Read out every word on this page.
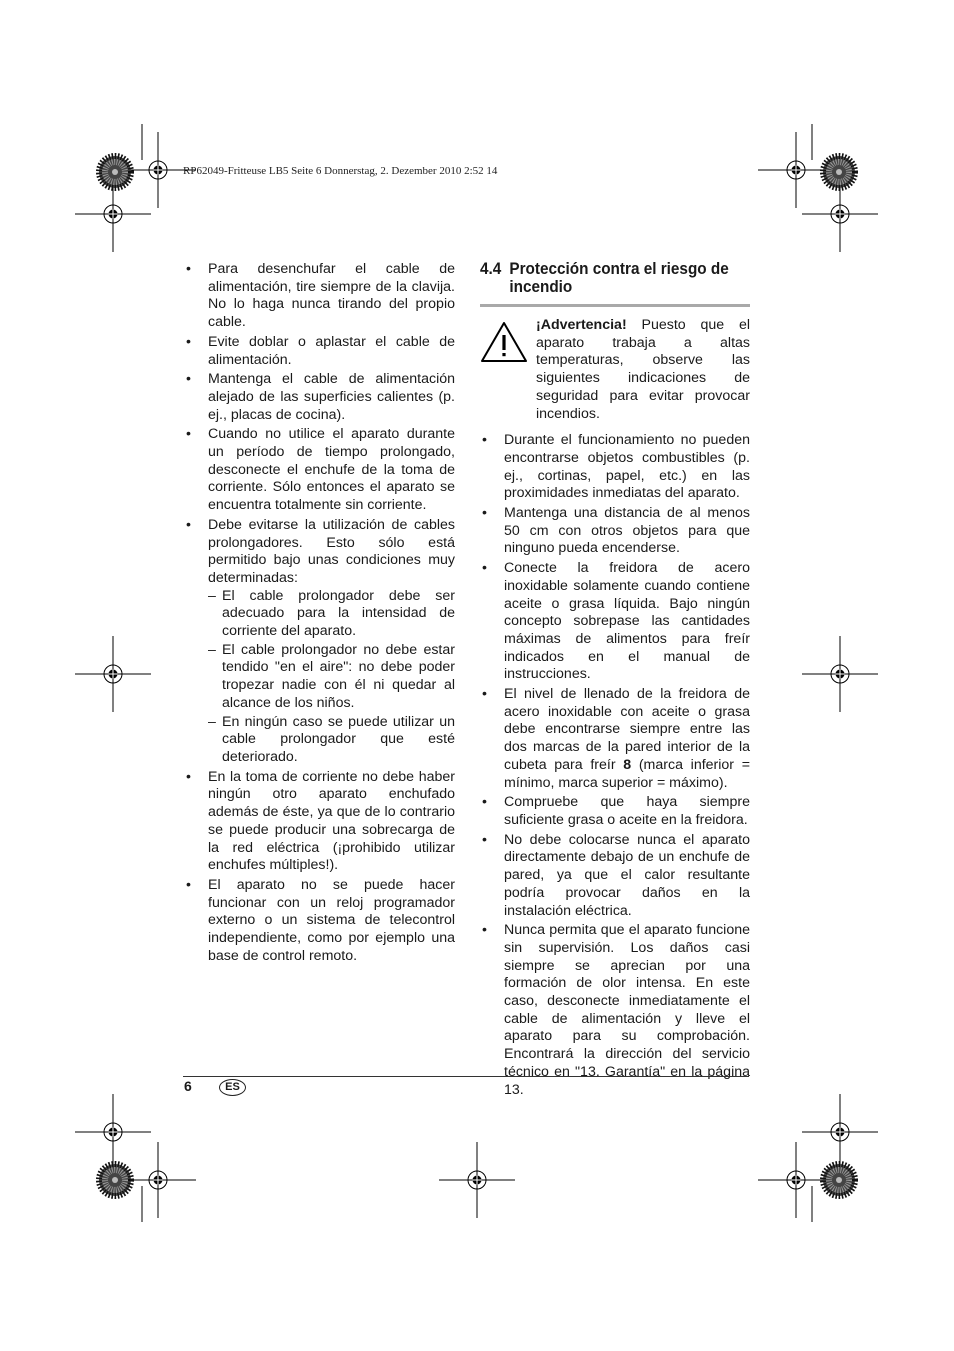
RP62049-Fritteuse LB5 Seite 6 Donnerstag, 2. Dezember 2010 2:52 14
• Para desenchufar el cable de alimentación, tire siempre de la clavija. No lo haga nunca tirando del propio cable.
• Evite doblar o aplastar el cable de alimentación.
• Mantenga el cable de alimentación alejado de las superficies calientes (p. ej., placas de cocina).
• Cuando no utilice el aparato durante un período de tiempo prolongado, desconecte el enchufe de la toma de corriente. Sólo entonces el aparato se encuentra totalmente sin corriente.
• Debe evitarse la utilización de cables prolongadores. Esto sólo está permitido bajo unas condiciones muy determinadas:
– El cable prolongador debe ser adecuado para la intensidad de corriente del aparato.
– El cable prolongador no debe estar tendido "en el aire": no debe poder tropezar nadie con él ni quedar al alcance de los niños.
– En ningún caso se puede utilizar un cable prolongador que esté deteriorado.
• En la toma de corriente no debe haber ningún otro aparato enchufado además de éste, ya que de lo contrario se puede producir una sobrecarga de la red eléctrica (¡prohibido utilizar enchufes múltiples!).
• El aparato no se puede hacer funcionar con un reloj programador externo o un sistema de telecontrol independiente, como por ejemplo una base de control remoto.
4.4 Protección contra el riesgo de incendio
¡Advertencia! Puesto que el aparato trabaja a altas temperaturas, observe las siguientes indicaciones de seguridad para evitar provocar incendios.
• Durante el funcionamiento no pueden encontrarse objetos combustibles (p. ej., cortinas, papel, etc.) en las proximidades inmediatas del aparato.
• Mantenga una distancia de al menos 50 cm con otros objetos para que ninguno pueda encenderse.
• Conecte la freidora de acero inoxidable solamente cuando contiene aceite o grasa líquida. Bajo ningún concepto sobrepase las cantidades máximas de alimentos para freír indicados en el manual de instrucciones.
• El nivel de llenado de la freidora de acero inoxidable con aceite o grasa debe encontrarse siempre entre las dos marcas de la pared interior de la cubeta para freír 8 (marca inferior = mínimo, marca superior = máximo).
• Compruebe que haya siempre suficiente grasa o aceite en la freidora.
• No debe colocarse nunca el aparato directamente debajo de un enchufe de pared, ya que el calor resultante podría provocar daños en la instalación eléctrica.
• Nunca permita que el aparato funcione sin supervisión. Los daños casi siempre se aprecian por una formación de olor intensa. En este caso, desconecte inmediatamente el cable de alimentación y lleve el aparato para su comprobación. Encontrará la dirección del servicio técnico en "13. Garantía" en la página 13.
6	ES
